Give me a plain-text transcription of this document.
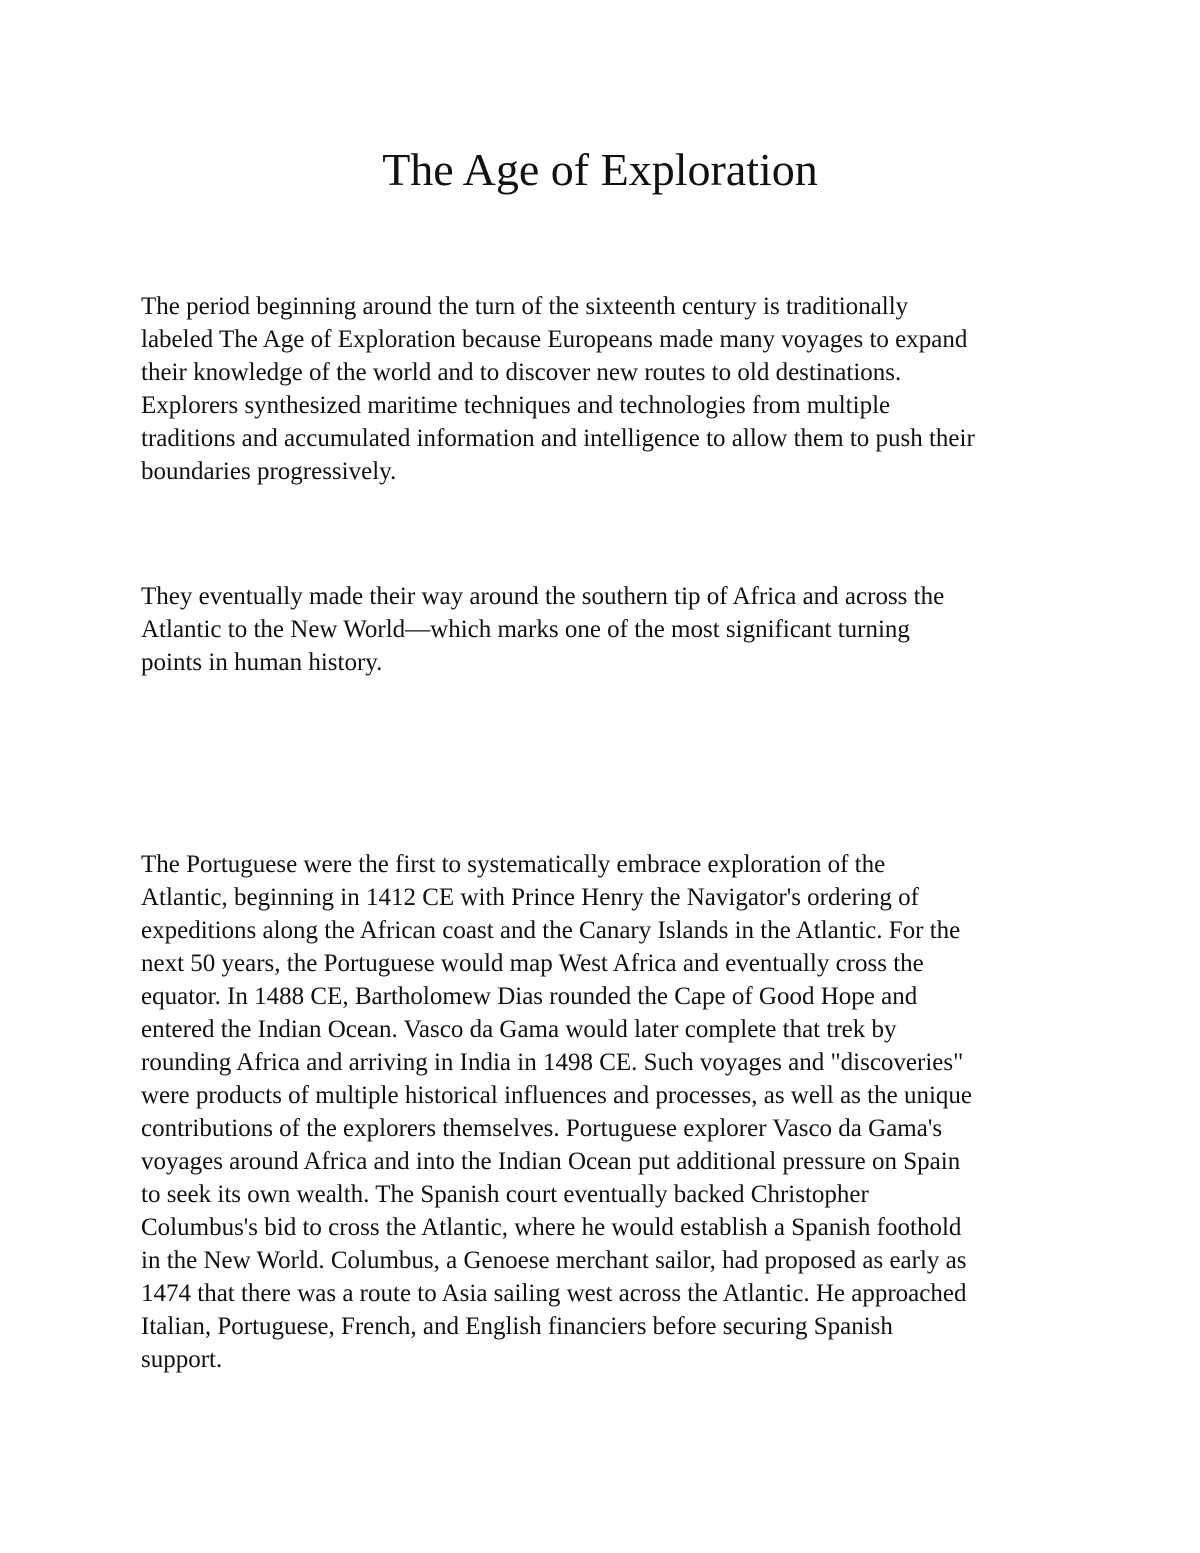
The Age of Exploration

The period beginning around the turn of the sixteenth century is traditionally
labeled The Age of Exploration because Europeans made many voyages to expand
their knowledge of the world and to discover new routes to old destinations.
Explorers synthesized maritime techniques and technologies from multiple
traditions and accumulated information and intelligence to allow them to push their
boundaries progressively.

They eventually made their way around the southern tip of Africa and across the
Atlantic to the New World—which marks one of the most significant turning
points in human history.

The Portuguese were the first to systematically embrace exploration of the
Atlantic, beginning in 1412 CE with Prince Henry the Navigator's ordering of
expeditions along the African coast and the Canary Islands in the Atlantic. For the
next 50 years, the Portuguese would map West Africa and eventually cross the
equator. In 1488 CE, Bartholomew Dias rounded the Cape of Good Hope and
entered the Indian Ocean. Vasco da Gama would later complete that trek by
rounding Africa and arriving in India in 1498 CE. Such voyages and "discoveries"
were products of multiple historical influences and processes, as well as the unique
contributions of the explorers themselves. Portuguese explorer Vasco da Gama's
voyages around Africa and into the Indian Ocean put additional pressure on Spain
to seek its own wealth. The Spanish court eventually backed Christopher
Columbus's bid to cross the Atlantic, where he would establish a Spanish foothold
in the New World. Columbus, a Genoese merchant sailor, had proposed as early as
1474 that there was a route to Asia sailing west across the Atlantic. He approached
Italian, Portuguese, French, and English financiers before securing Spanish
support.
